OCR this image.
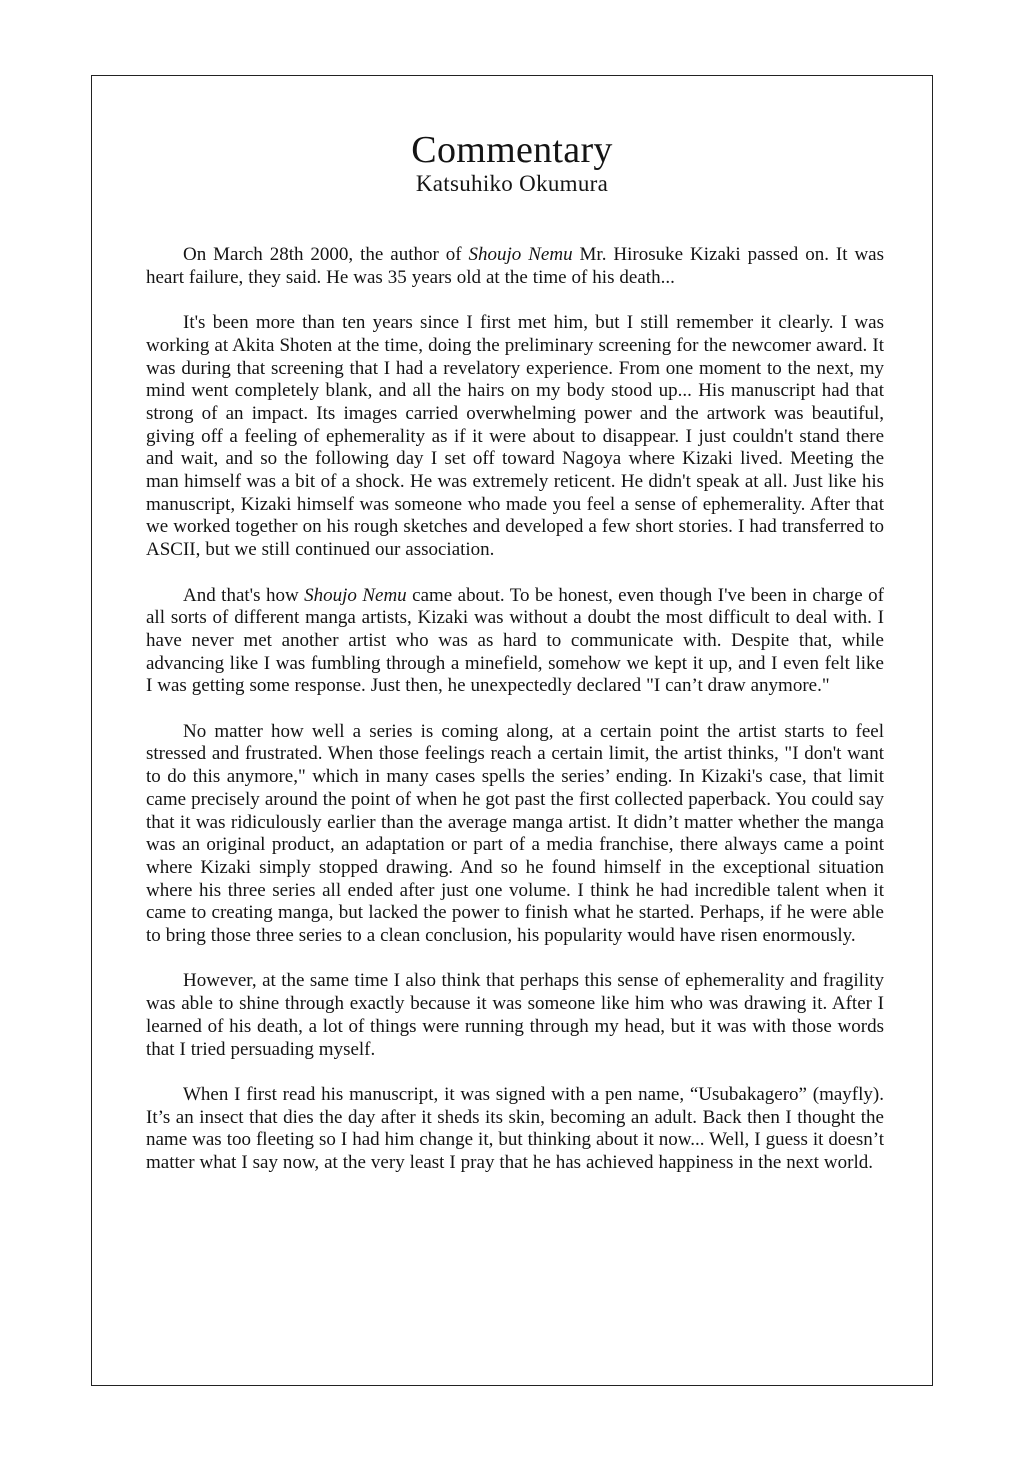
Commentary
Katsuhiko Okumura

On March 28th 2000, the author of Shoujo Nemu Mr. Hirosuke Kizaki passed on. It was heart failure, they said. He was 35 years old at the time of his death...

It's been more than ten years since I first met him, but I still remember it clearly. I was working at Akita Shoten at the time, doing the preliminary screening for the newcomer award. It was during that screening that I had a revelatory experience. From one moment to the next, my mind went completely blank, and all the hairs on my body stood up... His manuscript had that strong of an impact. Its images carried overwhelming power and the artwork was beautiful, giving off a feeling of ephemerality as if it were about to disappear. I just couldn't stand there and wait, and so the following day I set off toward Nagoya where Kizaki lived. Meeting the man himself was a bit of a shock. He was extremely reticent. He didn't speak at all. Just like his manuscript, Kizaki himself was someone who made you feel a sense of ephemerality. After that we worked together on his rough sketches and developed a few short stories. I had transferred to ASCII, but we still continued our association.

And that's how Shoujo Nemu came about. To be honest, even though I've been in charge of all sorts of different manga artists, Kizaki was without a doubt the most difficult to deal with. I have never met another artist who was as hard to communicate with. Despite that, while advancing like I was fumbling through a minefield, somehow we kept it up, and I even felt like I was getting some response. Just then, he unexpectedly declared "I can’t draw anymore."

No matter how well a series is coming along, at a certain point the artist starts to feel stressed and frustrated. When those feelings reach a certain limit, the artist thinks, "I don't want to do this anymore," which in many cases spells the series’ ending. In Kizaki's case, that limit came precisely around the point of when he got past the first collected paperback. You could say that it was ridiculously earlier than the average manga artist. It didn’t matter whether the manga was an original product, an adaptation or part of a media franchise, there always came a point where Kizaki simply stopped drawing. And so he found himself in the exceptional situation where his three series all ended after just one volume. I think he had incredible talent when it came to creating manga, but lacked the power to finish what he started. Perhaps, if he were able to bring those three series to a clean conclusion, his popularity would have risen enormously.

However, at the same time I also think that perhaps this sense of ephemerality and fragility was able to shine through exactly because it was someone like him who was drawing it. After I learned of his death, a lot of things were running through my head, but it was with those words that I tried persuading myself.

When I first read his manuscript, it was signed with a pen name, “Usubakagero” (mayfly). It’s an insect that dies the day after it sheds its skin, becoming an adult. Back then I thought the name was too fleeting so I had him change it, but thinking about it now... Well, I guess it doesn’t matter what I say now, at the very least I pray that he has achieved happiness in the next world.
